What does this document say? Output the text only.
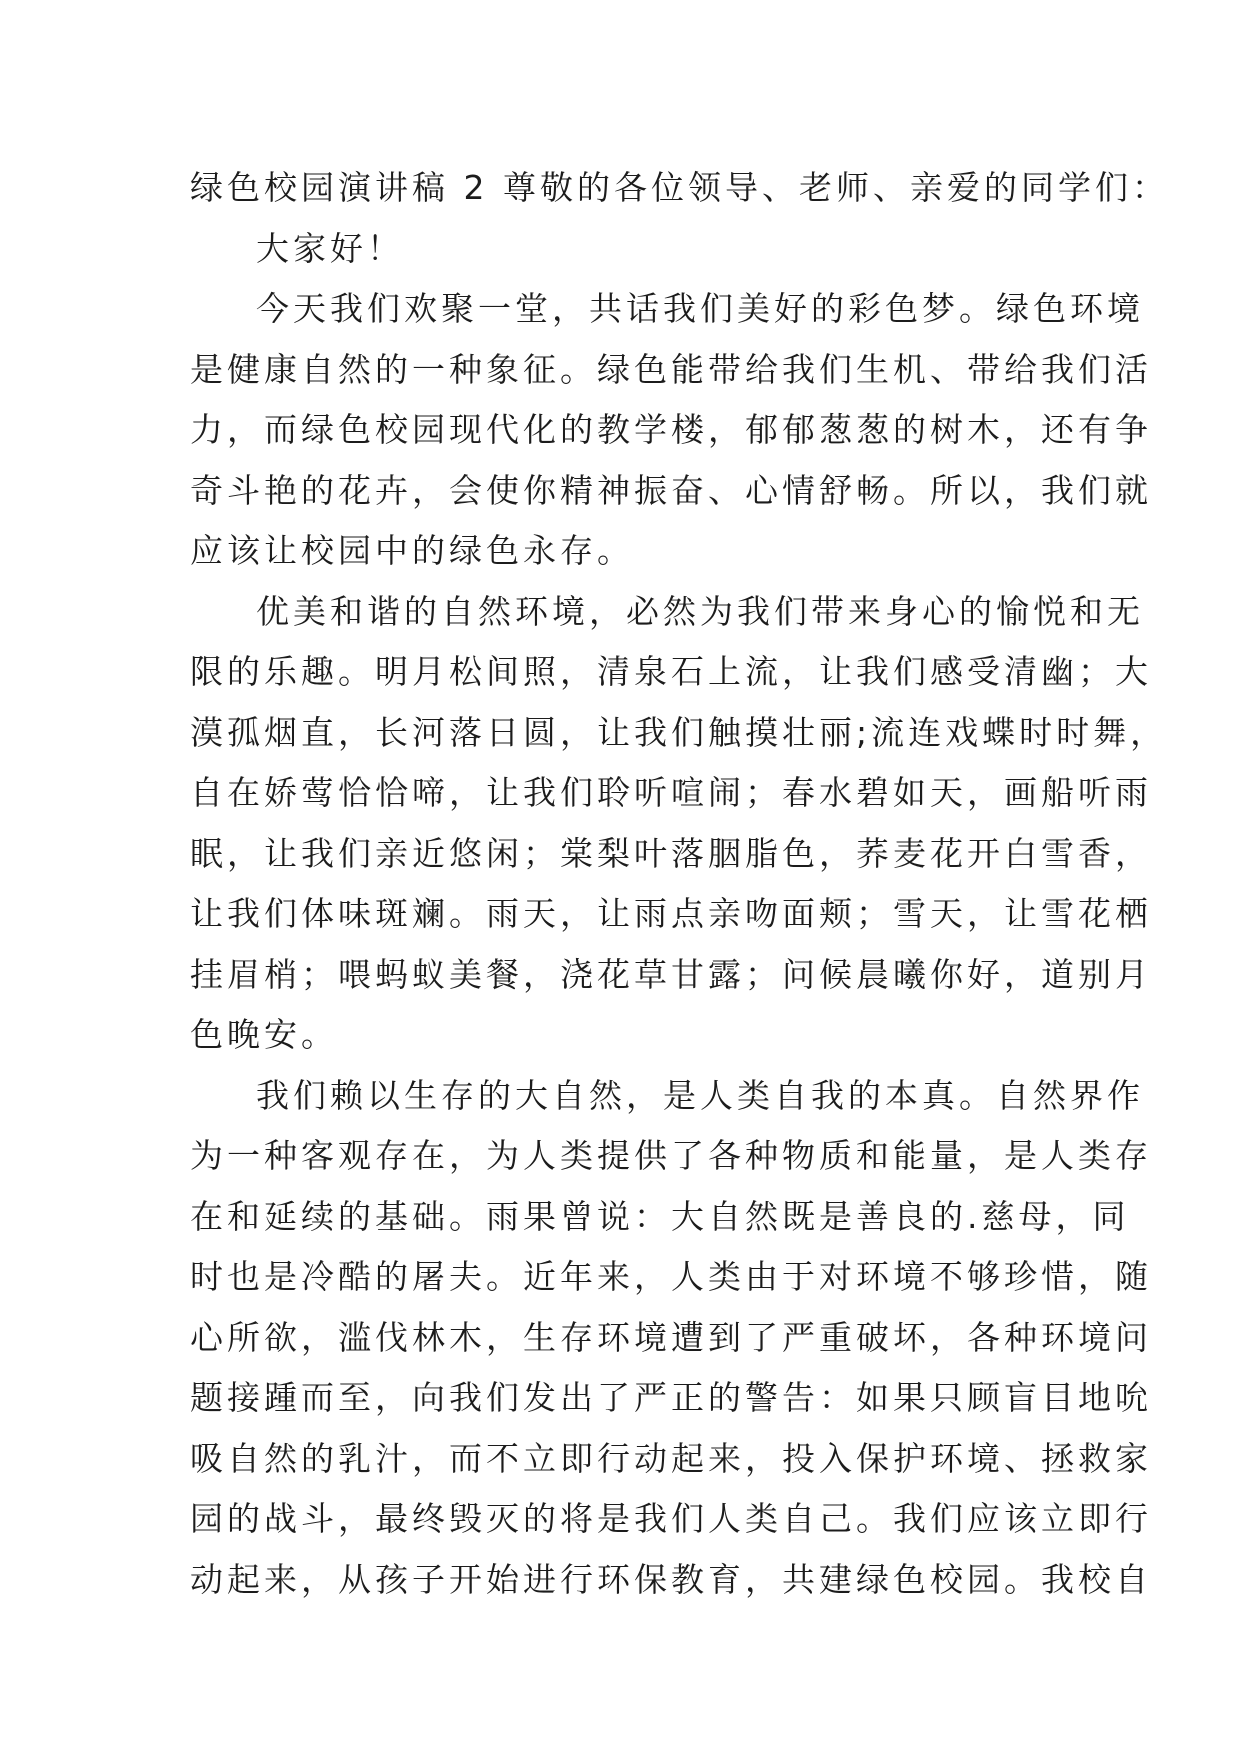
绿色校园演讲稿 2 尊敬的各位领导、老师、亲爱的同学们：

大家好！

今天我们欢聚一堂，共话我们美好的彩色梦。绿色环境
是健康自然的一种象征。绿色能带给我们生机、带给我们活
力，而绿色校园现代化的教学楼，郁郁葱葱的树木，还有争
奇斗艳的花卉，会使你精神振奋、心情舒畅。所以，我们就
应该让校园中的绿色永存。

优美和谐的自然环境，必然为我们带来身心的愉悦和无
限的乐趣。明月松间照，清泉石上流，让我们感受清幽；大
漠孤烟直，长河落日圆，让我们触摸壮丽;流连戏蝶时时舞，
自在娇莺恰恰啼，让我们聆听喧闹；春水碧如天，画船听雨
眠，让我们亲近悠闲；棠梨叶落胭脂色，荞麦花开白雪香，
让我们体味斑斓。雨天，让雨点亲吻面颊；雪天，让雪花栖
挂眉梢；喂蚂蚁美餐，浇花草甘露；问候晨曦你好，道别月
色晚安。

我们赖以生存的大自然，是人类自我的本真。自然界作
为一种客观存在，为人类提供了各种物质和能量，是人类存
在和延续的基础。雨果曾说：大自然既是善良的.慈母，同
时也是冷酷的屠夫。近年来，人类由于对环境不够珍惜，随
心所欲，滥伐林木，生存环境遭到了严重破坏，各种环境问
题接踵而至，向我们发出了严正的警告：如果只顾盲目地吮
吸自然的乳汁，而不立即行动起来，投入保护环境、拯救家
园的战斗，最终毁灭的将是我们人类自己。我们应该立即行
动起来，从孩子开始进行环保教育，共建绿色校园。我校自
